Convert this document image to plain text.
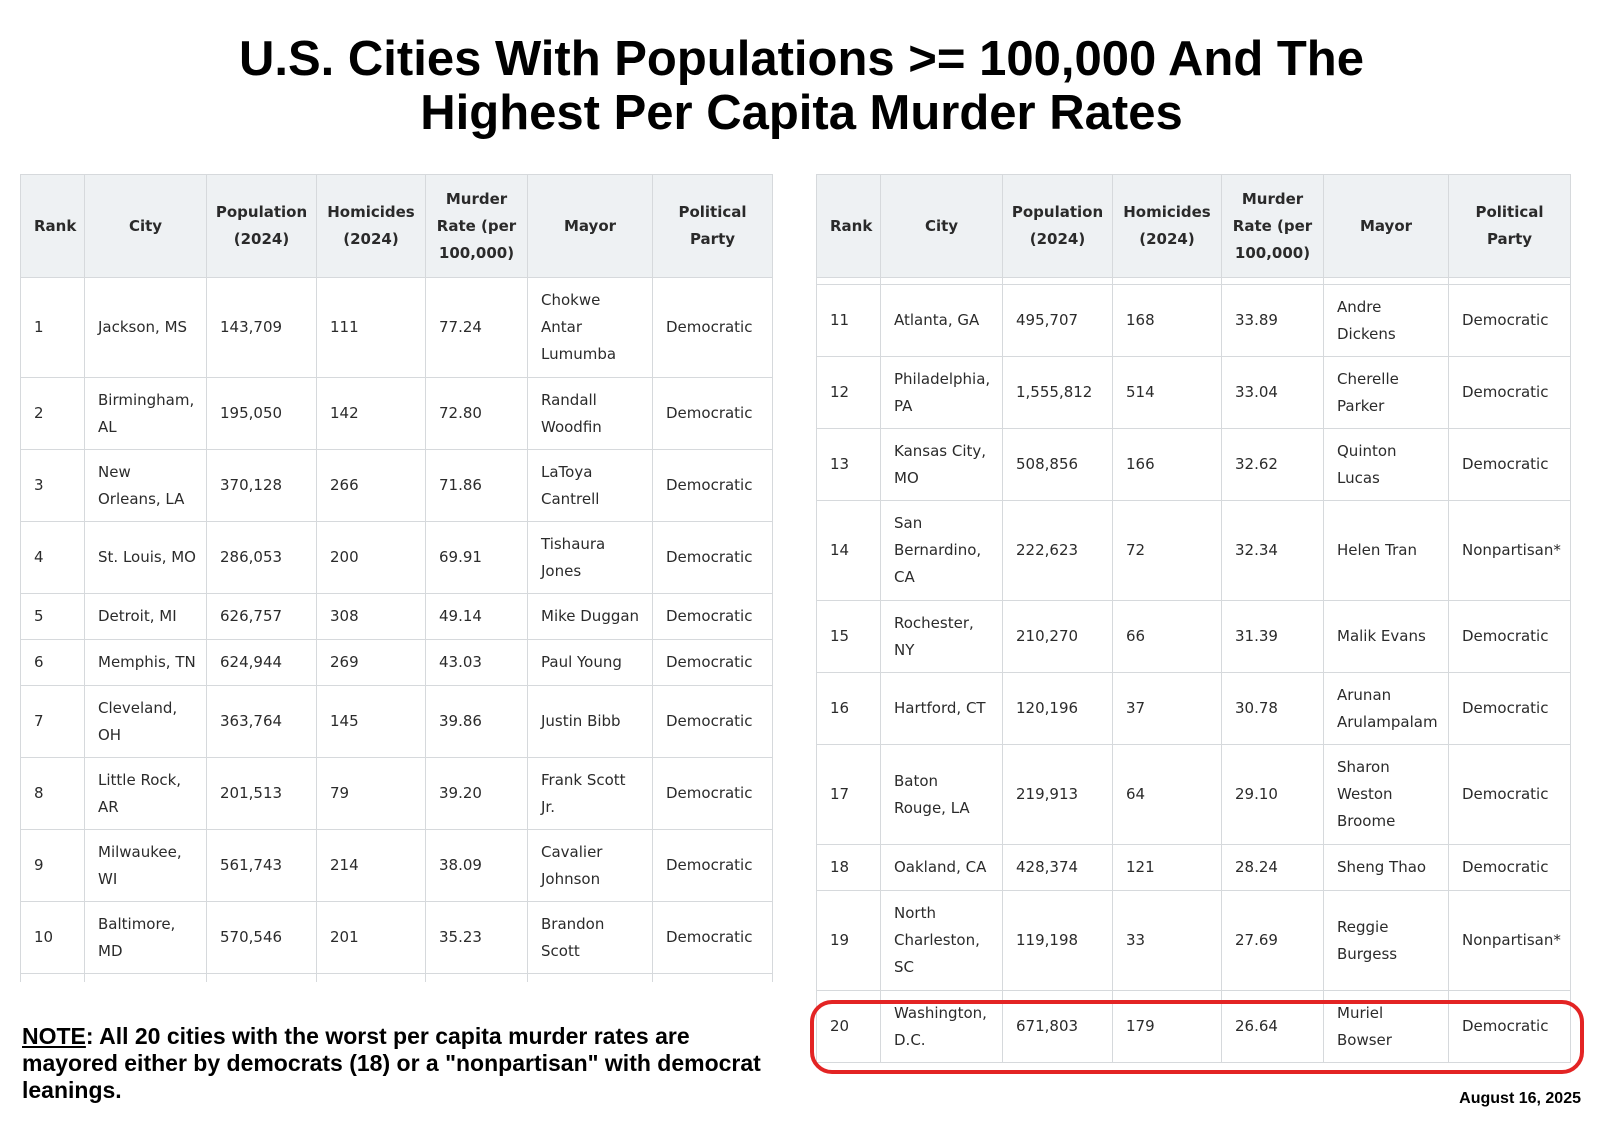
U.S. Cities With Populations >= 100,000 And The
Highest Per Capita Murder Rates
Rank	City	Population (2024)	Homicides (2024)	Murder Rate (per 100,000)	Mayor	Political Party
1	Jackson, MS	143,709	111	77.24	Chokwe Antar Lumumba	Democratic
2	Birmingham, AL	195,050	142	72.80	Randall Woodfin	Democratic
3	New Orleans, LA	370,128	266	71.86	LaToya Cantrell	Democratic
4	St. Louis, MO	286,053	200	69.91	Tishaura Jones	Democratic
5	Detroit, MI	626,757	308	49.14	Mike Duggan	Democratic
6	Memphis, TN	624,944	269	43.03	Paul Young	Democratic
7	Cleveland, OH	363,764	145	39.86	Justin Bibb	Democratic
8	Little Rock, AR	201,513	79	39.20	Frank Scott Jr.	Democratic
9	Milwaukee, WI	561,743	214	38.09	Cavalier Johnson	Democratic
10	Baltimore, MD	570,546	201	35.23	Brandon Scott	Democratic

Rank	City	Population (2024)	Homicides (2024)	Murder Rate (per 100,000)	Mayor	Political Party

11	Atlanta, GA	495,707	168	33.89	Andre Dickens	Democratic
12	Philadelphia, PA	1,555,812	514	33.04	Cherelle Parker	Democratic
13	Kansas City, MO	508,856	166	32.62	Quinton Lucas	Democratic
14	San Bernardino, CA	222,623	72	32.34	Helen Tran	Nonpartisan*
15	Rochester, NY	210,270	66	31.39	Malik Evans	Democratic
16	Hartford, CT	120,196	37	30.78	Arunan Arulampalam	Democratic
17	Baton Rouge, LA	219,913	64	29.10	Sharon Weston Broome	Democratic
18	Oakland, CA	428,374	121	28.24	Sheng Thao	Democratic
19	North Charleston, SC	119,198	33	27.69	Reggie Burgess	Nonpartisan*
20	Washington, D.C.	671,803	179	26.64	Muriel Bowser	Democratic
NOTE: All 20 cities with the worst per capita murder rates are mayored either by democrats (18) or a "nonpartisan" with democrat leanings.	August 16, 2025
